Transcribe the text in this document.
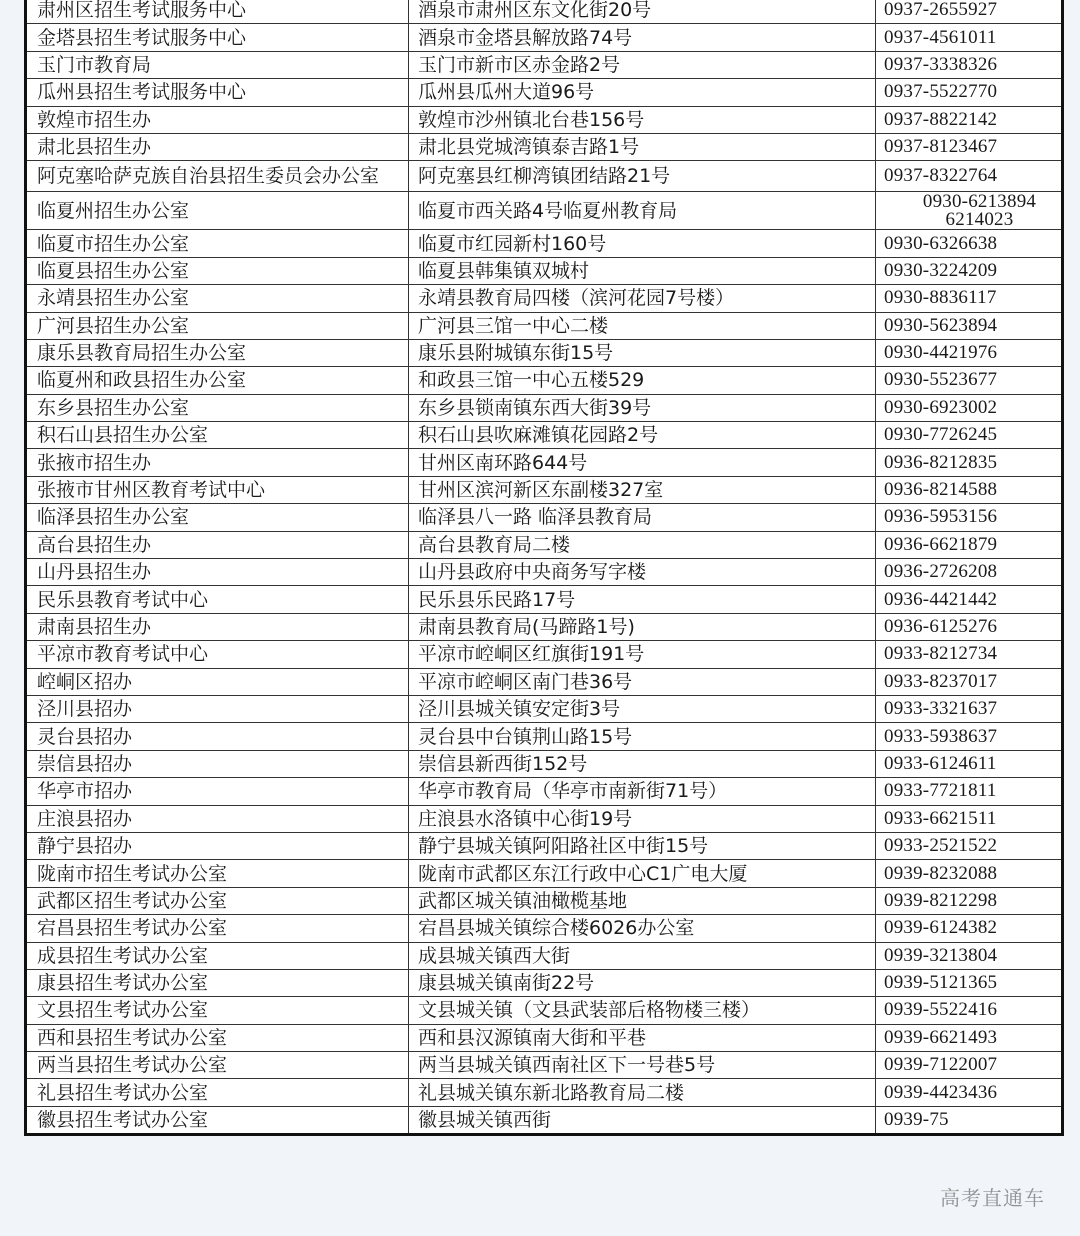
肃州区招生考试服务中心	酒泉市肃州区东文化街20号	0937-2655927
金塔县招生考试服务中心	酒泉市金塔县解放路74号	0937-4561011
玉门市教育局	玉门市新市区赤金路2号	0937-3338326
瓜州县招生考试服务中心	瓜州县瓜州大道96号	0937-5522770
敦煌市招生办	敦煌市沙州镇北台巷156号	0937-8822142
肃北县招生办	肃北县党城湾镇泰吉路1号	0937-8123467
阿克塞哈萨克族自治县招生委员会办公室	阿克塞县红柳湾镇团结路21号	0937-8322764
临夏州招生办公室	临夏市西关路4号临夏州教育局	0930-6213894
6214023

临夏市招生办公室	临夏市红园新村160号	0930-6326638
临夏县招生办公室	临夏县韩集镇双城村	0930-3224209
永靖县招生办公室	永靖县教育局四楼（滨河花园7号楼）	0930-8836117
广河县招生办公室	广河县三馆一中心二楼	0930-5623894
康乐县教育局招生办公室	康乐县附城镇东街15号	0930-4421976
临夏州和政县招生办公室	和政县三馆一中心五楼529	0930-5523677
东乡县招生办公室	东乡县锁南镇东西大街39号	0930-6923002
积石山县招生办公室	积石山县吹麻滩镇花园路2号	0930-7726245
张掖市招生办	甘州区南环路644号	0936-8212835
张掖市甘州区教育考试中心	甘州区滨河新区东副楼327室	0936-8214588
临泽县招生办公室	临泽县八一路 临泽县教育局	0936-5953156
高台县招生办	高台县教育局二楼	0936-6621879
山丹县招生办	山丹县政府中央商务写字楼	0936-2726208
民乐县教育考试中心	民乐县乐民路17号	0936-4421442
肃南县招生办	肃南县教育局(马蹄路1号)	0936-6125276
平凉市教育考试中心	平凉市崆峒区红旗街191号	0933-8212734
崆峒区招办	平凉市崆峒区南门巷36号	0933-8237017
泾川县招办	泾川县城关镇安定街3号	0933-3321637
灵台县招办	灵台县中台镇荆山路15号	0933-5938637
崇信县招办	崇信县新西街152号	0933-6124611
华亭市招办	华亭市教育局（华亭市南新街71号）	0933-7721811
庄浪县招办	庄浪县水洛镇中心街19号	0933-6621511
静宁县招办	静宁县城关镇阿阳路社区中街15号	0933-2521522
陇南市招生考试办公室	陇南市武都区东江行政中心C1广电大厦	0939-8232088
武都区招生考试办公室	武都区城关镇油橄榄基地	0939-8212298
宕昌县招生考试办公室	宕昌县城关镇综合楼6026办公室	0939-6124382
成县招生考试办公室	成县城关镇西大街	0939-3213804
康县招生考试办公室	康县城关镇南街22号	0939-5121365
文县招生考试办公室	文县城关镇（文县武装部后格物楼三楼）	0939-5522416
西和县招生考试办公室	西和县汉源镇南大街和平巷	0939-6621493
两当县招生考试办公室	两当县城关镇西南社区下一号巷5号	0939-7122007
礼县招生考试办公室	礼县城关镇东新北路教育局二楼	0939-4423436
徽县招生考试办公室	徽县城关镇西街	0939-75
高考直通车
